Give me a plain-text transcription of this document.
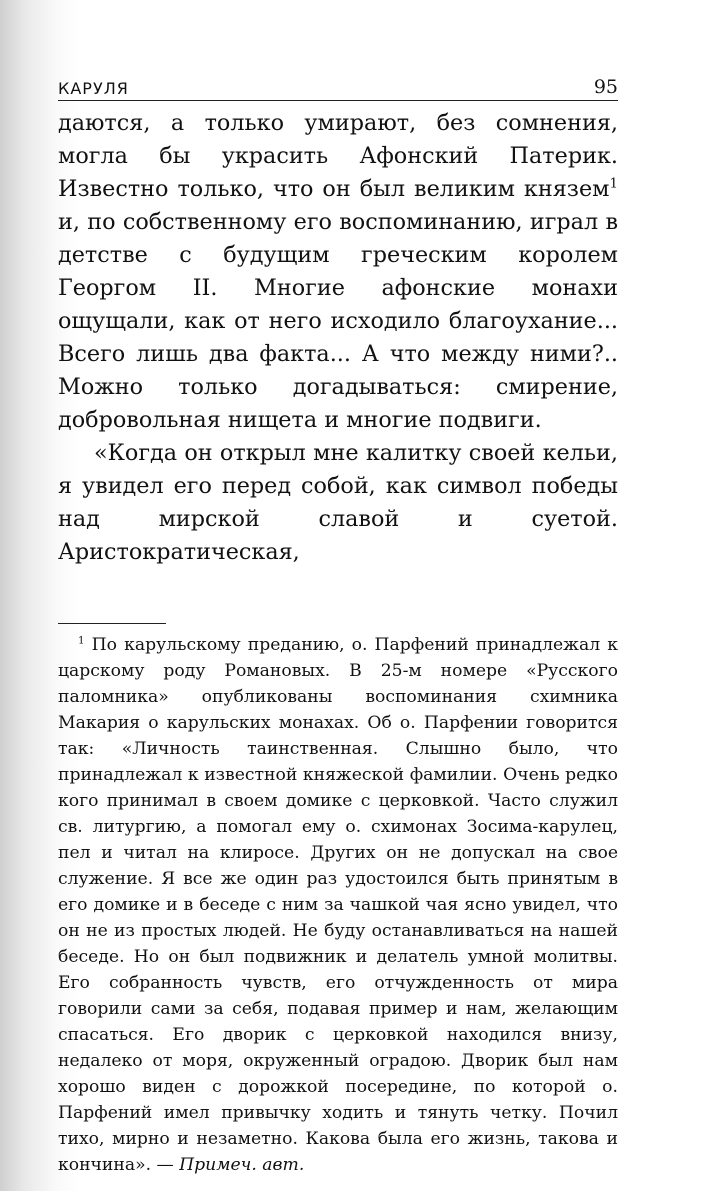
КАРУЛЯ	95

даются, а только умирают, без сомнения, могла бы украсить Афонский Патерик. Известно только, что он был великим князем$^1$ и, по собственному его воспоминанию, играл в детстве с будущим греческим королем Георгом II. Многие афонские монахи ощущали, как от него исходило благоухание... Всего лишь два факта... А что между ними?.. Можно только догадываться: смирение, добровольная нищета и многие подвиги.

«Когда он открыл мне калитку своей кельи, я увидел его перед собой, как символ победы над мирской славой и суетой. Аристократическая,

$^1$ По карульскому преданию, о. Парфений принадлежал к царскому роду Романовых. В 25-м номере «Русского паломника» опубликованы воспоминания схимника Макария о карульских монахах. Об о. Парфении говорится так: «Личность таинственная. Слышно было, что принадлежал к известной княжеской фамилии. Очень редко кого принимал в своем домике с церковкой. Часто служил св. литургию, а помогал ему о. схимонах Зосима-карулец, пел и читал на клиросе. Других он не допускал на свое служение. Я все же один раз удостоился быть принятым в его домике и в беседе с ним за чашкой чая ясно увидел, что он не из простых людей. Не буду останавливаться на нашей беседе. Но он был подвижник и делатель умной молитвы. Его собранность чувств, его отчужденность от мира говорили сами за себя, подавая пример и нам, желающим спасаться. Его дворик с церковкой находился внизу, недалеко от моря, окруженный оградою. Дворик был нам хорошо виден с дорожкой посередине, по которой о. Парфений имел привычку ходить и тянуть четку. Почил тихо, мирно и незаметно. Какова была его жизнь, такова и кончина». — Примеч. авт.
